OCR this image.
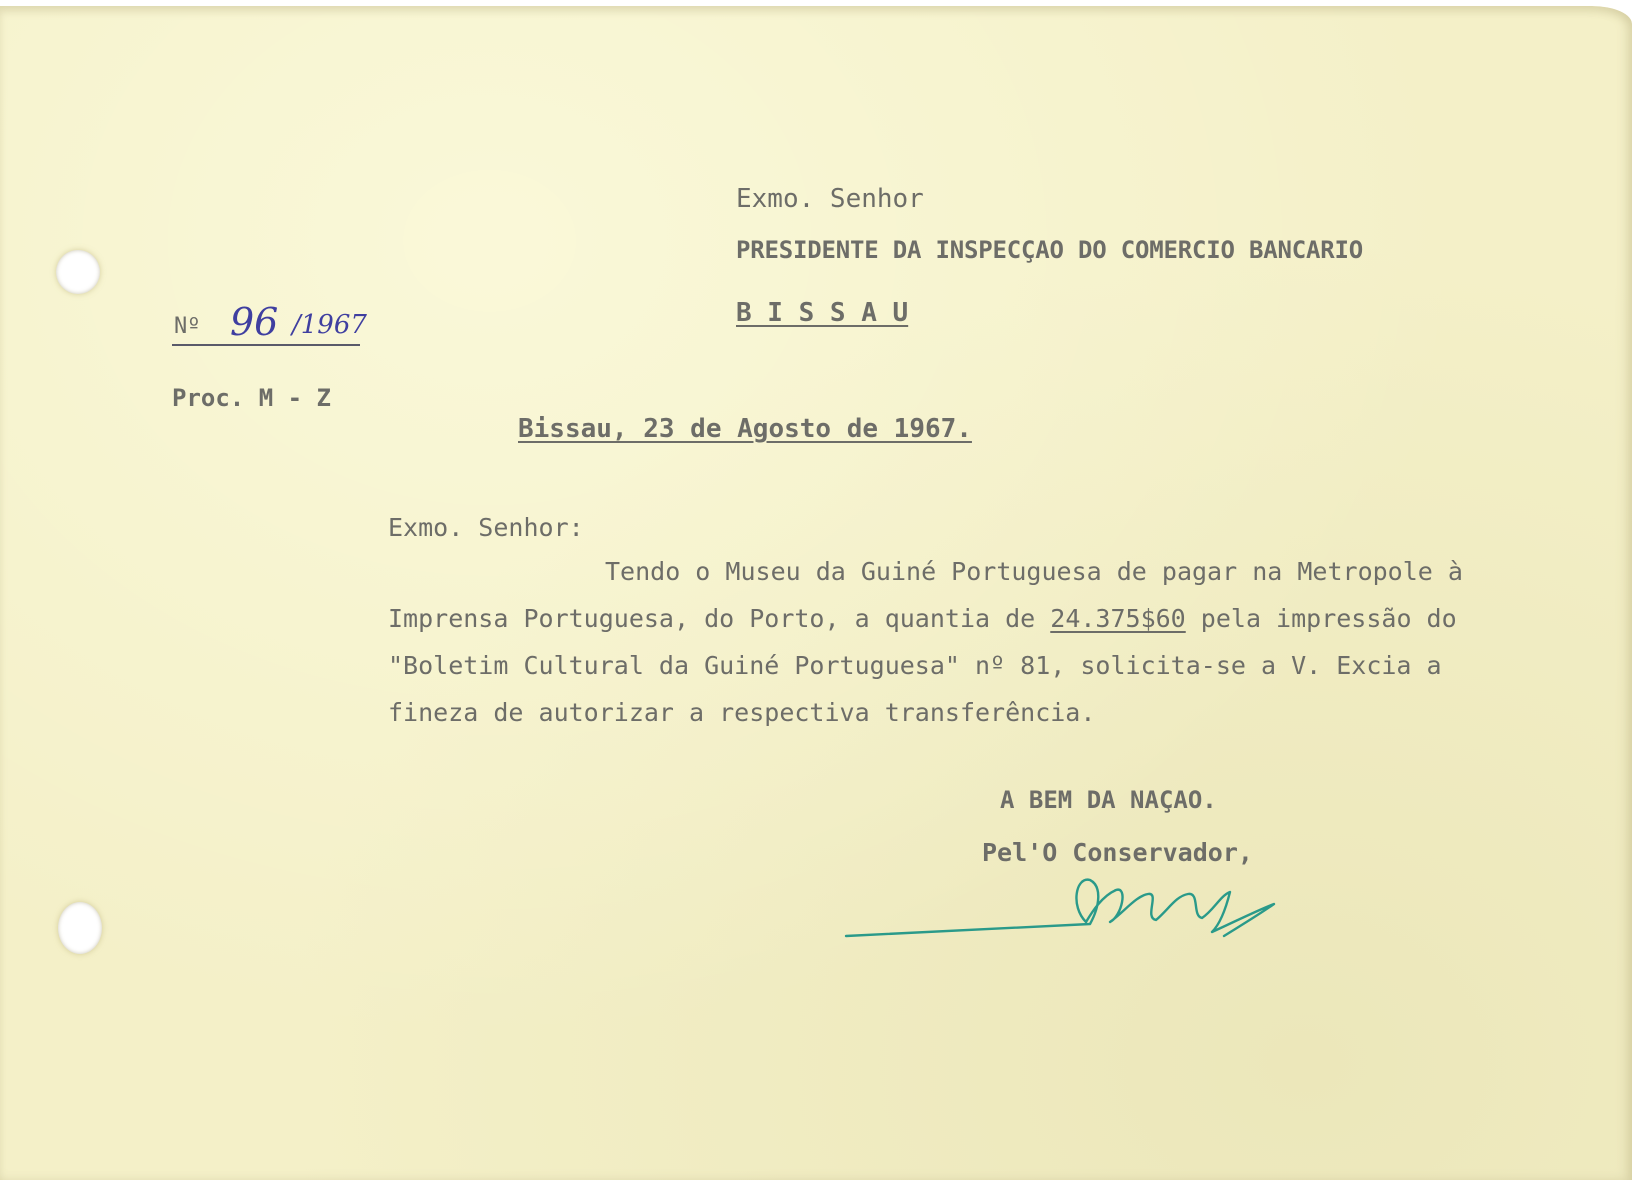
Exmo. Senhor
PRESIDENTE DA INSPECÇAO DO COMERCIO BANCARIO
B I S S A U
Nº 96 /1967
Proc. M - Z
Bissau, 23 de Agosto de 1967.
Exmo. Senhor:
Tendo o Museu da Guiné Portuguesa de pagar na Metropole à
Imprensa Portuguesa, do Porto, a quantia de 24.375$60 pela impressão do
"Boletim Cultural da Guiné Portuguesa" nº 81, solicita-se a V. Excia a
fineza de autorizar a respectiva transferência.
A BEM DA NAÇAO.
Pel'O Conservador,
